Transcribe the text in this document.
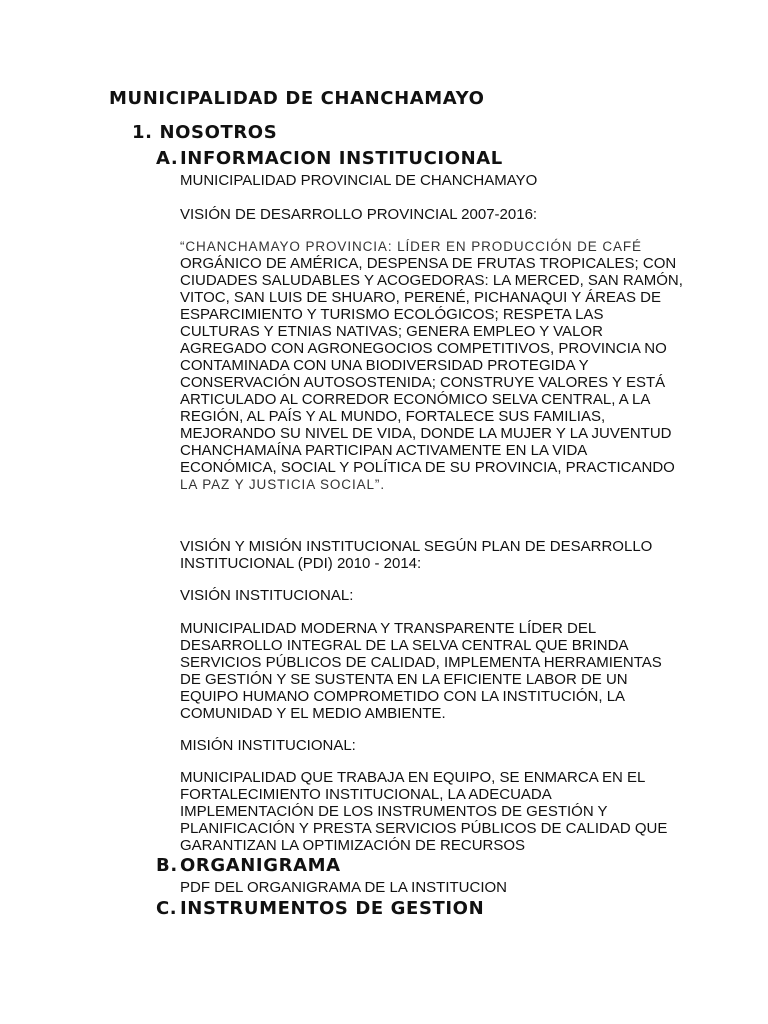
MUNICIPALIDAD DE CHANCHAMAYO
1. NOSOTROS
A.INFORMACION INSTITUCIONAL
MUNICIPALIDAD PROVINCIAL DE CHANCHAMAYO
VISIÓN DE DESARROLLO PROVINCIAL 2007-2016:
“CHANCHAMAYO PROVINCIA: LÍDER EN PRODUCCIÓN DE CAFÉ
ORGÁNICO DE AMÉRICA, DESPENSA DE FRUTAS TROPICALES; CON
CIUDADES SALUDABLES Y ACOGEDORAS: LA MERCED, SAN RAMÓN,
VITOC, SAN LUIS DE SHUARO, PERENÉ, PICHANAQUI Y ÁREAS DE
ESPARCIMIENTO Y TURISMO ECOLÓGICOS; RESPETA LAS
CULTURAS Y ETNIAS NATIVAS; GENERA EMPLEO Y VALOR
AGREGADO CON AGRONEGOCIOS COMPETITIVOS, PROVINCIA NO
CONTAMINADA CON UNA BIODIVERSIDAD PROTEGIDA Y
CONSERVACIÓN AUTOSOSTENIDA; CONSTRUYE VALORES Y ESTÁ
ARTICULADO AL CORREDOR ECONÓMICO SELVA CENTRAL, A LA
REGIÓN, AL PAÍS Y AL MUNDO, FORTALECE SUS FAMILIAS,
MEJORANDO SU NIVEL DE VIDA, DONDE LA MUJER Y LA JUVENTUD
CHANCHAMAÍNA PARTICIPAN ACTIVAMENTE EN LA VIDA
ECONÓMICA, SOCIAL Y POLÍTICA DE SU PROVINCIA, PRACTICANDO
LA PAZ Y JUSTICIA SOCIAL”.
VISIÓN Y MISIÓN INSTITUCIONAL SEGÚN PLAN DE DESARROLLO
INSTITUCIONAL (PDI) 2010 - 2014:
VISIÓN INSTITUCIONAL:
MUNICIPALIDAD MODERNA Y TRANSPARENTE LÍDER DEL
DESARROLLO INTEGRAL DE LA SELVA CENTRAL QUE BRINDA
SERVICIOS PÚBLICOS DE CALIDAD, IMPLEMENTA HERRAMIENTAS
DE GESTIÓN Y SE SUSTENTA EN LA EFICIENTE LABOR DE UN
EQUIPO HUMANO COMPROMETIDO CON LA INSTITUCIÓN, LA
COMUNIDAD Y EL MEDIO AMBIENTE.
MISIÓN INSTITUCIONAL:
MUNICIPALIDAD QUE TRABAJA EN EQUIPO, SE ENMARCA EN EL
FORTALECIMIENTO INSTITUCIONAL, LA ADECUADA
IMPLEMENTACIÓN DE LOS INSTRUMENTOS DE GESTIÓN Y
PLANIFICACIÓN Y PRESTA SERVICIOS PÚBLICOS DE CALIDAD QUE
GARANTIZAN LA OPTIMIZACIÓN DE RECURSOS
B. ORGANIGRAMA
PDF DEL ORGANIGRAMA DE LA INSTITUCION
C. INSTRUMENTOS DE GESTION
